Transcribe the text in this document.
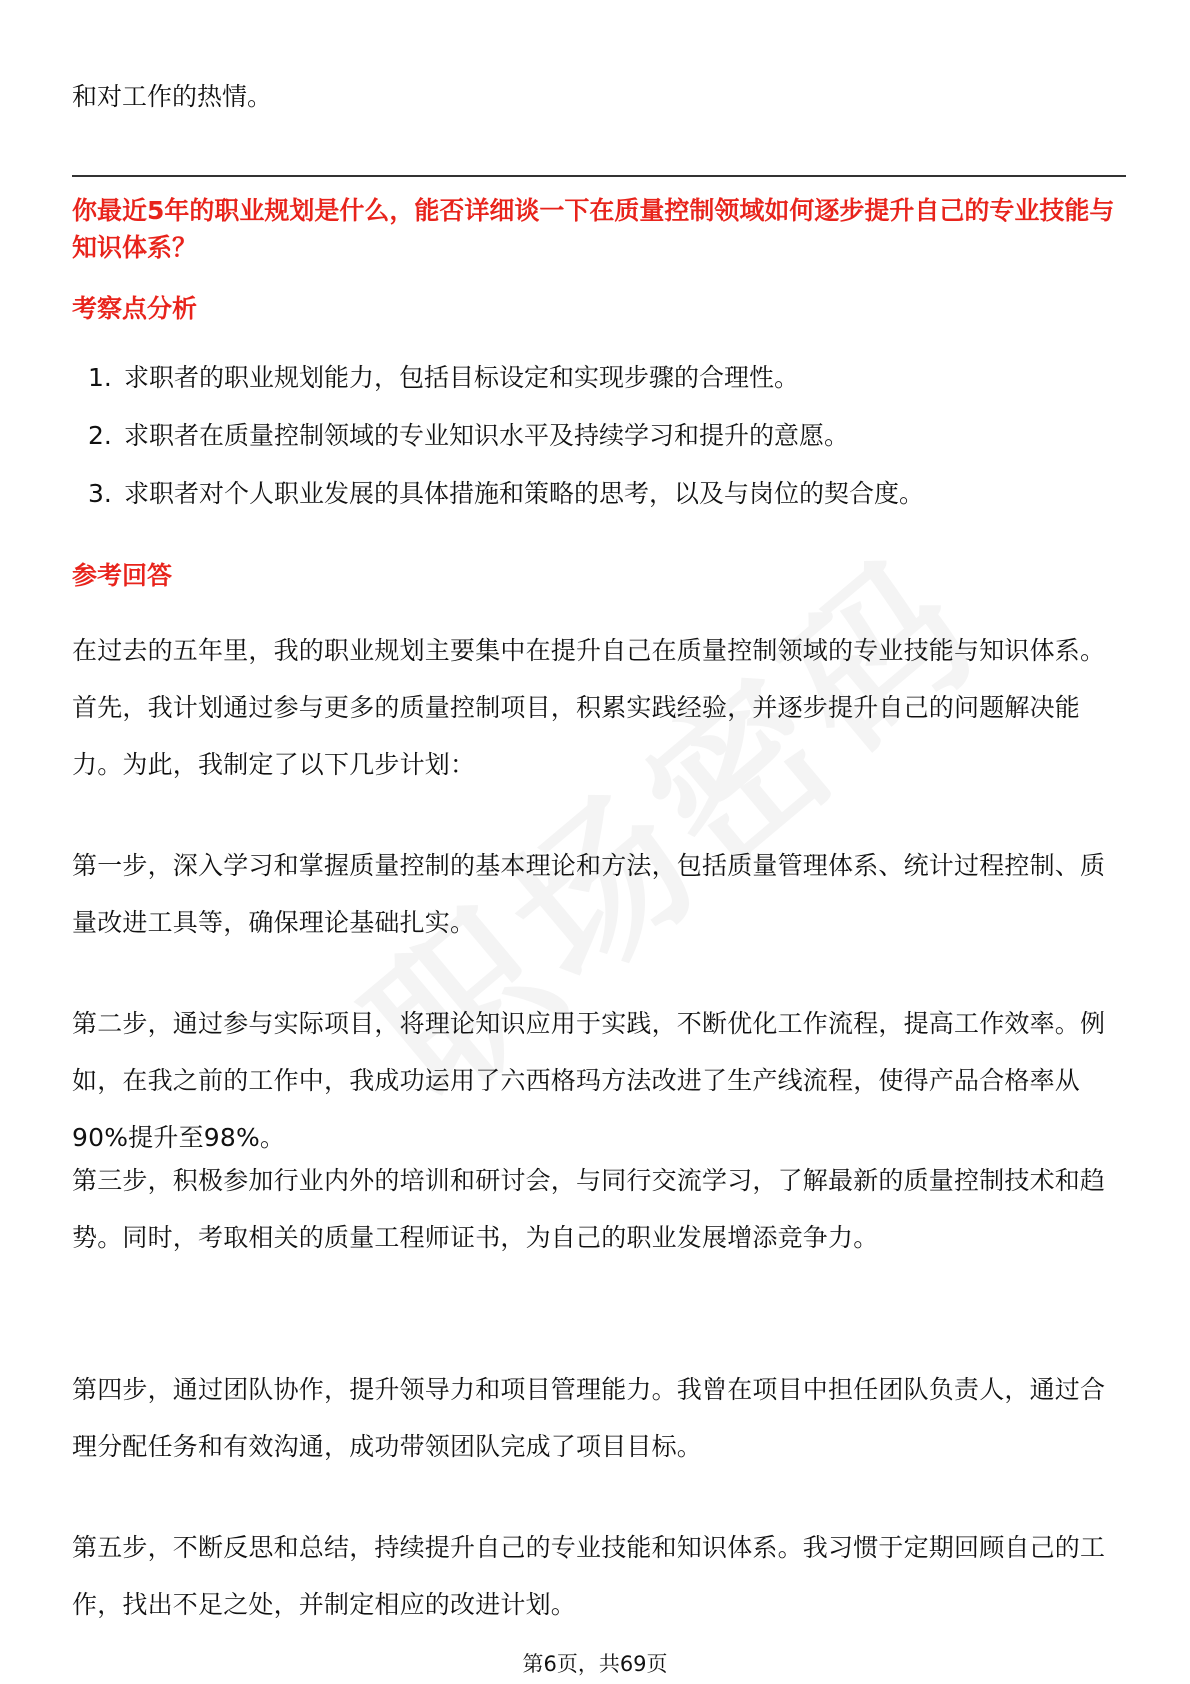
和对工作的热情。

你最近5年的职业规划是什么，能否详细谈一下在质量控制领域如何逐步提升自己的专业技能与知识体系？

考察点分析

1. 求职者的职业规划能力，包括目标设定和实现步骤的合理性。
2. 求职者在质量控制领域的专业知识水平及持续学习和提升的意愿。
3. 求职者对个人职业发展的具体措施和策略的思考，以及与岗位的契合度。

参考回答

在过去的五年里，我的职业规划主要集中在提升自己在质量控制领域的专业技能与知识体系。首先，我计划通过参与更多的质量控制项目，积累实践经验，并逐步提升自己的问题解决能力。为此，我制定了以下几步计划：

第一步，深入学习和掌握质量控制的基本理论和方法，包括质量管理体系、统计过程控制、质量改进工具等，确保理论基础扎实。

第二步，通过参与实际项目，将理论知识应用于实践，不断优化工作流程，提高工作效率。例如，在我之前的工作中，我成功运用了六西格玛方法改进了生产线流程，使得产品合格率从90%提升至98%。

第三步，积极参加行业内外的培训和研讨会，与同行交流学习，了解最新的质量控制技术和趋势。同时，考取相关的质量工程师证书，为自己的职业发展增添竞争力。

第四步，通过团队协作，提升领导力和项目管理能力。我曾在项目中担任团队负责人，通过合理分配任务和有效沟通，成功带领团队完成了项目目标。

第五步，不断反思和总结，持续提升自己的专业技能和知识体系。我习惯于定期回顾自己的工作，找出不足之处，并制定相应的改进计划。

第6页，共69页
